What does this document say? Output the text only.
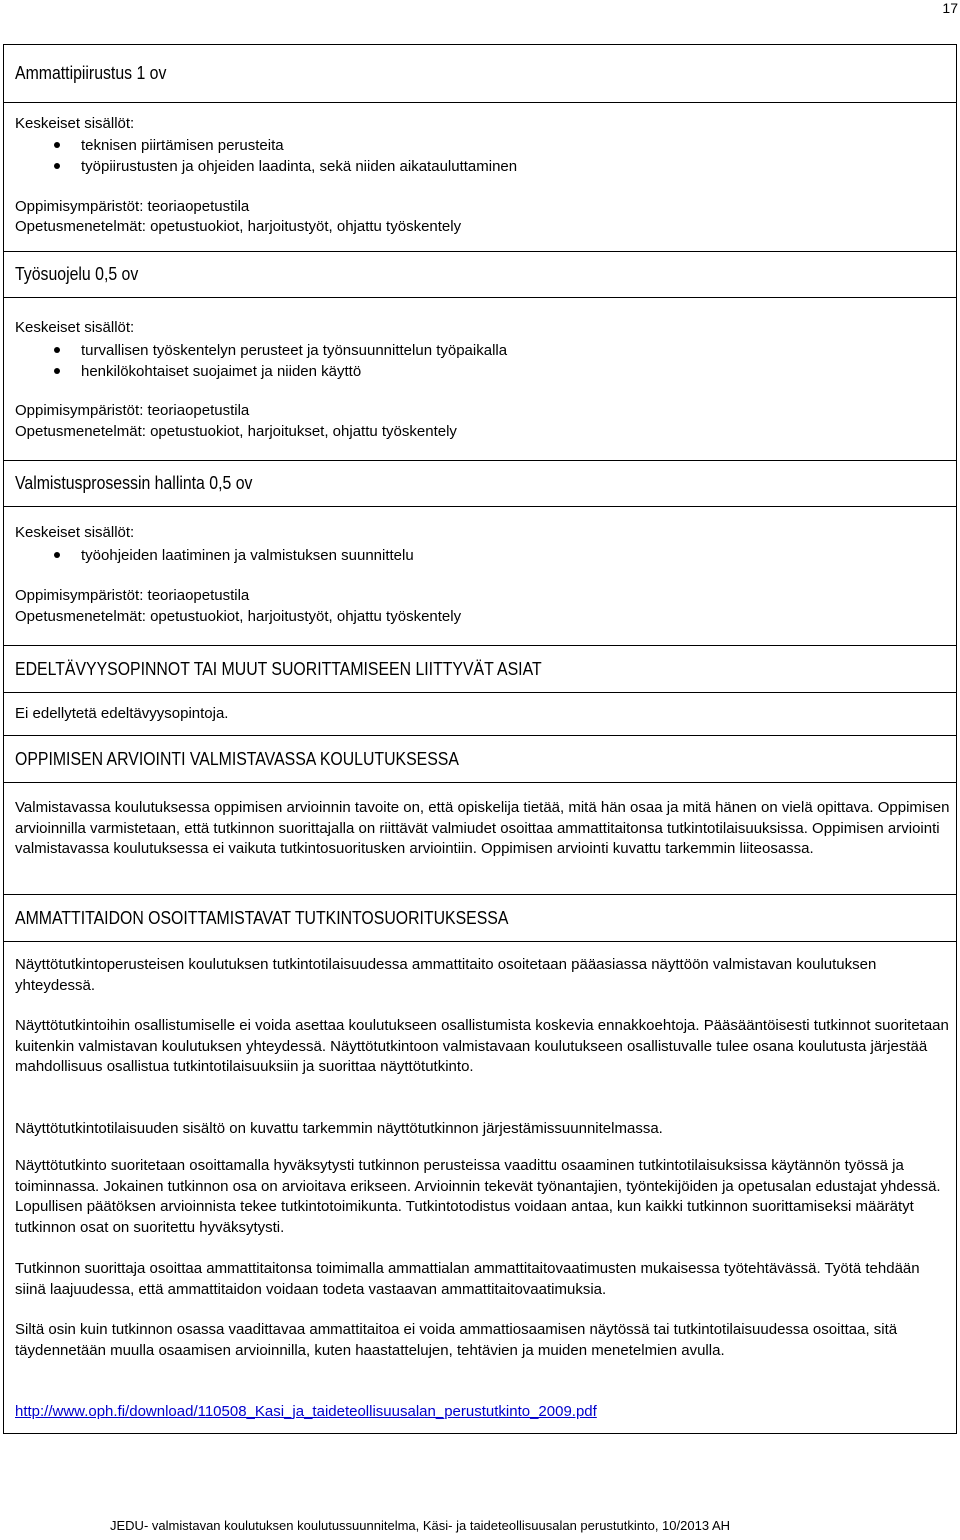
17
Ammattipiirustus 1 ov
Keskeiset sisällöt:
teknisen piirtämisen perusteita
työpiirustusten ja ohjeiden laadinta, sekä niiden aikatauluttaminen
Oppimisympäristöt: teoriaopetustila
Opetusmenetelmät: opetustuokiot, harjoitustyöt, ohjattu työskentely
Työsuojelu 0,5 ov
Keskeiset sisällöt:
turvallisen työskentelyn perusteet ja työnsuunnittelun työpaikalla
henkilökohtaiset suojaimet ja niiden käyttö
Oppimisympäristöt: teoriaopetustila
Opetusmenetelmät: opetustuokiot, harjoitukset, ohjattu työskentely
Valmistusprosessin hallinta 0,5 ov
Keskeiset sisällöt:
työohjeiden laatiminen ja valmistuksen suunnittelu
Oppimisympäristöt: teoriaopetustila
Opetusmenetelmät: opetustuokiot, harjoitustyöt, ohjattu työskentely
EDELTÄVYYSOPINNOT TAI MUUT SUORITTAMISEEN LIITTYVÄT ASIAT
Ei edellytetä edeltävyysopintoja.
OPPIMISEN ARVIOINTI VALMISTAVASSA KOULUTUKSESSA
Valmistavassa koulutuksessa oppimisen arvioinnin tavoite on, että opiskelija tietää, mitä hän osaa ja mitä hänen on vielä opittava. Oppimisen arvioinnilla varmistetaan, että tutkinnon suorittajalla on riittävät valmiudet osoittaa ammattitaitonsa tutkintotilaisuuksissa. Oppimisen arviointi valmistavassa koulutuksessa ei vaikuta tutkintosuoritusken arviointiin. Oppimisen arviointi kuvattu tarkemmin liiteosassa.
AMMATTITAIDON OSOITTAMISTAVAT TUTKINTOSUORITUKSESSA
Näyttötutkintoperusteisen koulutuksen tutkintotilaisuudessa ammattitaito osoitetaan pääasiassa näyttöön valmistavan koulutuksen yhteydessä.
Näyttötutkintoihin osallistumiselle ei voida asettaa koulutukseen osallistumista koskevia ennakkoehtoja. Pääsääntöisesti tutkinnot suoritetaan kuitenkin valmistavan koulutuksen yhteydessä. Näyttötutkintoon valmistavaan koulutukseen osallistuvalle tulee osana koulutusta järjestää mahdollisuus osallistua tutkintotilaisuuksiin ja suorittaa näyttötutkinto.
Näyttötutkintotilaisuuden sisältö on kuvattu tarkemmin näyttötutkinnon järjestämissuunnitelmassa.
Näyttötutkinto suoritetaan osoittamalla hyväksytysti tutkinnon perusteissa vaadittu osaaminen tutkintotilaisuksissa käytännön työssä ja toiminnassa. Jokainen tutkinnon osa on arvioitava erikseen. Arvioinnin tekevät työnantajien, työntekijöiden ja opetusalan edustajat yhdessä. Lopullisen päätöksen arvioinnista tekee tutkintotoimikunta. Tutkintotodistus voidaan antaa, kun kaikki tutkinnon suorittamiseksi määrätyt tutkinnon osat on suoritettu hyväksytysti.
Tutkinnon suorittaja osoittaa ammattitaitonsa toimimalla ammattialan ammattitaitovaatimusten mukaisessa työtehtävässä. Työtä tehdään siinä laajuudessa, että ammattitaidon voidaan todeta vastaavan ammattitaitovaatimuksia.
Siltä osin kuin tutkinnon osassa vaadittavaa ammattitaitoa ei voida ammattiosaamisen näytössä tai tutkintotilaisuudessa osoittaa, sitä täydennetään muulla osaamisen arvioinnilla, kuten haastattelujen, tehtävien ja muiden menetelmien avulla.
http://www.oph.fi/download/110508_Kasi_ja_taideteollisuusalan_perustutkinto_2009.pdf
JEDU- valmistavan koulutuksen koulutussuunnitelma, Käsi- ja taideteollisuusalan perustutkinto, 10/2013 AH
